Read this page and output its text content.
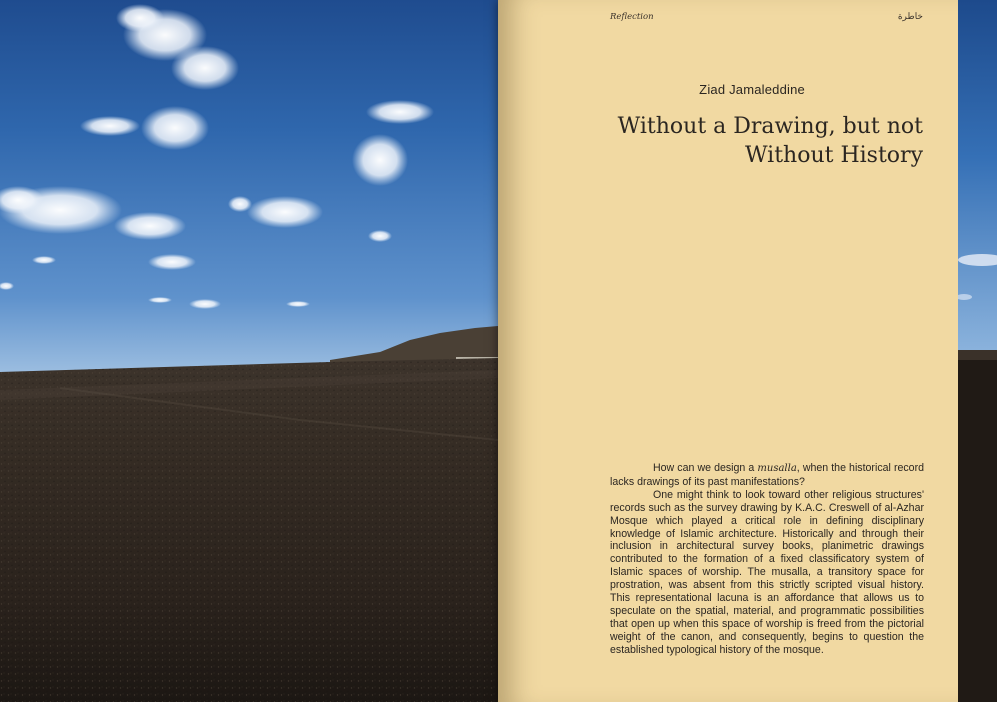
Reflection	خاطرة
Ziad Jamaleddine
Without a Drawing, but not
Without History

How can we design a musalla, when the historical record lacks drawings of its past manifestations?

One might think to look toward other religious structures' records such as the survey drawing by K.A.C. Creswell of al-Azhar Mosque which played a critical role in defining disciplinary knowledge of Islamic architecture. Historically and through their inclusion in architectural survey books, planimetric drawings contributed to the formation of a fixed classificatory system of Islamic spaces of worship. The musalla, a transitory space for prostration, was absent from this strictly scripted visual history. This representational lacuna is an affordance that allows us to speculate on the spatial, material, and programmatic possibilities that open up when this space of worship is freed from the pictorial weight of the canon, and consequently, begins to question the established typological history of the mosque.
